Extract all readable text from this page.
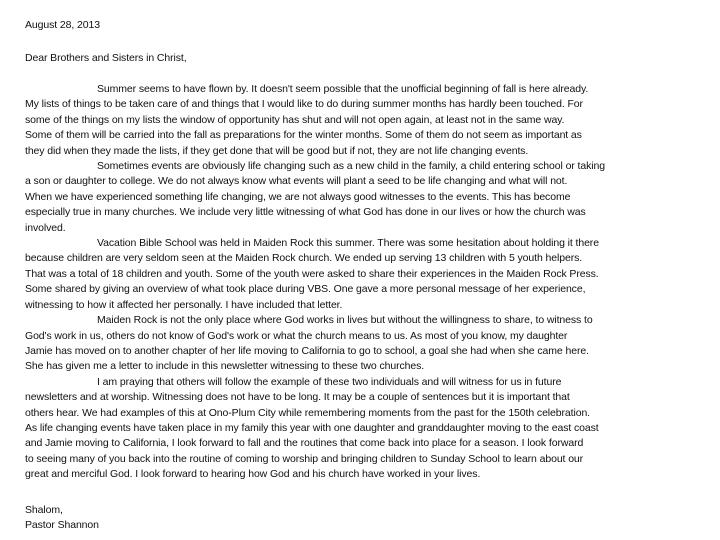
August 28, 2013
Dear Brothers and Sisters in Christ,
Summer seems to have flown by. It doesn't seem possible that the unofficial beginning of fall is here already.
My lists of things to be taken care of and things that I would like to do during summer months has hardly been touched. For
some of the things on my lists the window of opportunity has shut and will not open again, at least not in the same way.
Some of them will be carried into the fall as preparations for the winter months. Some of them do not seem as important as
they did when they made the lists, if they get done that will be good but if not, they are not life changing events.
Sometimes events are obviously life changing such as a new child in the family, a child entering school or taking
a son or daughter to college. We do not always know what events will plant a seed to be life changing and what will not.
When we have experienced something life changing, we are not always good witnesses to the events. This has become
especially true in many churches. We include very little witnessing of what God has done in our lives or how the church was
involved.
Vacation Bible School was held in Maiden Rock this summer. There was some hesitation about holding it there
because children are very seldom seen at the Maiden Rock church. We ended up serving 13 children with 5 youth helpers.
That was a total of 18 children and youth. Some of the youth were asked to share their experiences in the Maiden Rock Press.
Some shared by giving an overview of what took place during VBS. One gave a more personal message of her experience,
witnessing to how it affected her personally. I have included that letter.
Maiden Rock is not the only place where God works in lives but without the willingness to share, to witness to
God's work in us, others do not know of God's work or what the church means to us. As most of you know, my daughter
Jamie has moved on to another chapter of her life moving to California to go to school, a goal she had when she came here.
She has given me a letter to include in this newsletter witnessing to these two churches.
I am praying that others will follow the example of these two individuals and will witness for us in future
newsletters and at worship. Witnessing does not have to be long. It may be a couple of sentences but it is important that
others hear. We had examples of this at Ono-Plum City while remembering moments from the past for the 150th celebration.
As life changing events have taken place in my family this year with one daughter and granddaughter moving to the east coast
and Jamie moving to California, I look forward to fall and the routines that come back into place for a season. I look forward
to seeing many of you back into the routine of coming to worship and bringing children to Sunday School to learn about our
great and merciful God. I look forward to hearing how God and his church have worked in your lives.
Shalom,
Pastor Shannon
